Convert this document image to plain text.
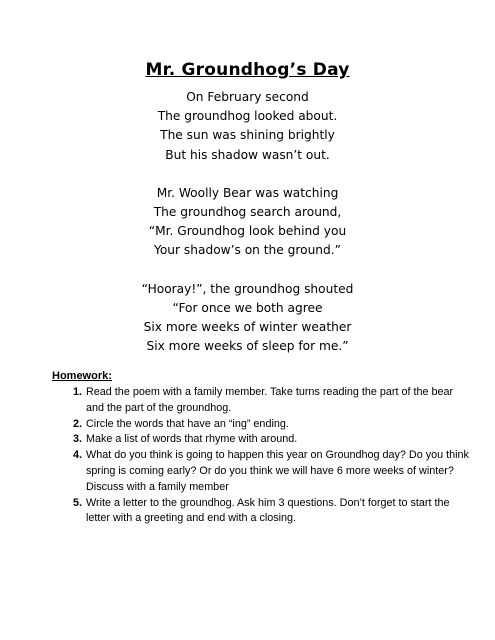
Mr. Groundhog’s Day
On February second
The groundhog looked about.
The sun was shining brightly
But his shadow wasn’t out.
Mr. Woolly Bear was watching
The groundhog search around,
“Mr. Groundhog look behind you
Your shadow’s on the ground.”
“Hooray!”, the groundhog shouted
“For once we both agree
Six more weeks of winter weather
Six more weeks of sleep for me.”
Homework:
1. Read the poem with a family member. Take turns reading the part of the bear and the part of the groundhog.
2. Circle the words that have an “ing” ending.
3. Make a list of words that rhyme with around.
4. What do you think is going to happen this year on Groundhog day? Do you think spring is coming early? Or do you think we will have 6 more weeks of winter? Discuss with a family member
5. Write a letter to the groundhog. Ask him 3 questions. Don’t forget to start the letter with a greeting and end with a closing.
